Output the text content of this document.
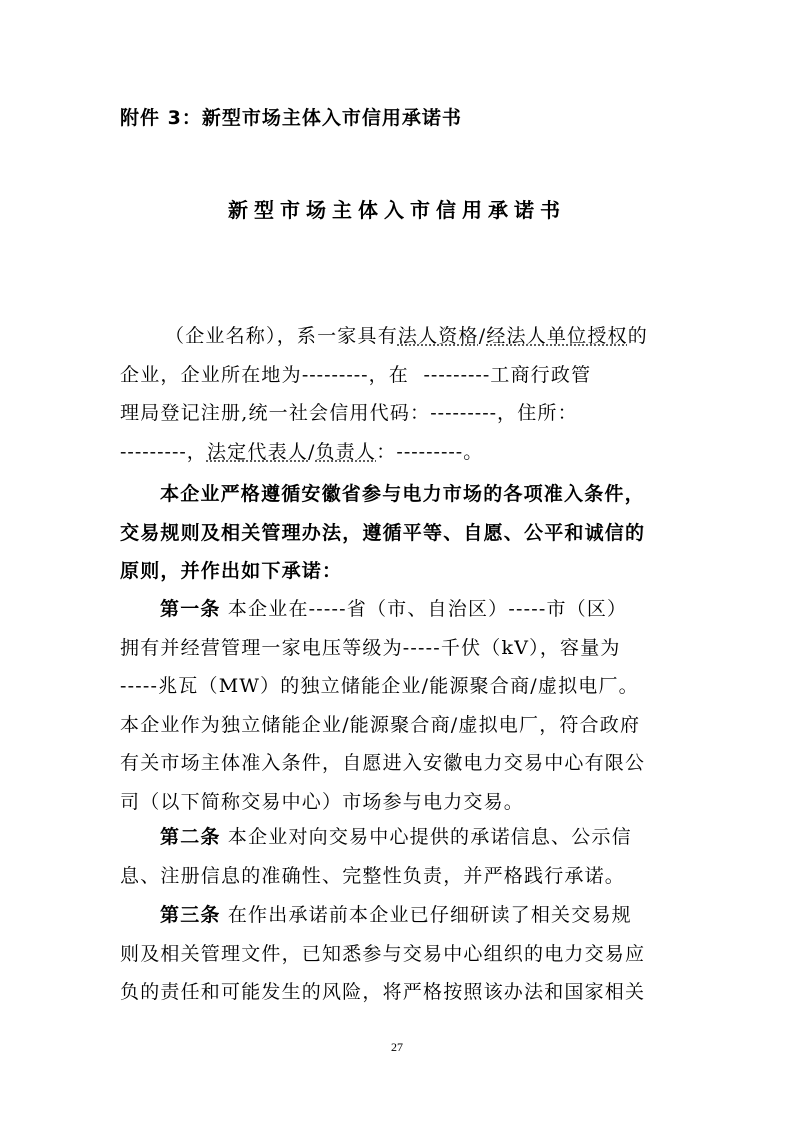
附件 3：新型市场主体入市信用承诺书
新型市场主体入市信用承诺书
（企业名称），系一家具有法人资格/经法人单位授权的
企业，企业所在地为---------，在  ---------工商行政管
理局登记注册,统一社会信用代码：---------，住所：
---------，法定代表人/负责人：---------。
本企业严格遵循安徽省参与电力市场的各项准入条件，
交易规则及相关管理办法，遵循平等、自愿、公平和诚信的
原则，并作出如下承诺：
第一条 本企业在-----省（市、自治区）-----市（区）
拥有并经营管理一家电压等级为-----千伏（kV），容量为
-----兆瓦（MW）的独立储能企业/能源聚合商/虚拟电厂。
本企业作为独立储能企业/能源聚合商/虚拟电厂，符合政府
有关市场主体准入条件，自愿进入安徽电力交易中心有限公
司（以下简称交易中心）市场参与电力交易。
第二条 本企业对向交易中心提供的承诺信息、公示信
息、注册信息的准确性、完整性负责，并严格践行承诺。
第三条 在作出承诺前本企业已仔细研读了相关交易规
则及相关管理文件，已知悉参与交易中心组织的电力交易应
负的责任和可能发生的风险，将严格按照该办法和国家相关
27
